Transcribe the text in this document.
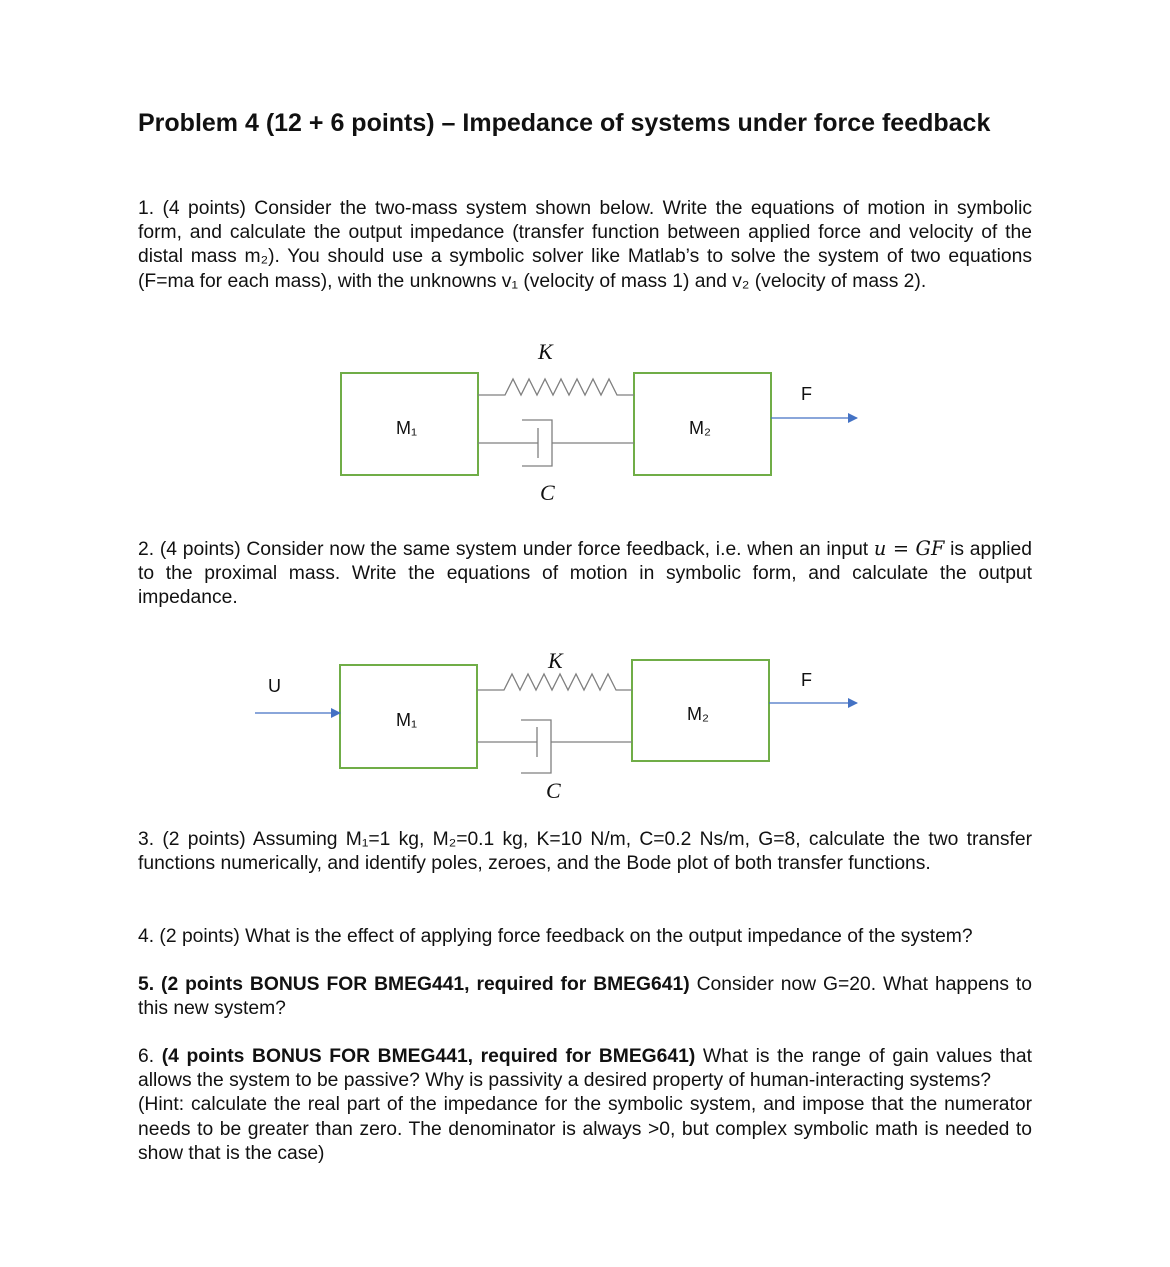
Problem 4 (12 + 6 points) – Impedance of systems under force feedback

1. (4 points) Consider the two-mass system shown below. Write the equations of motion in symbolic form, and calculate the output impedance (transfer function between applied force and velocity of the distal mass m₂). You should use a symbolic solver like Matlab’s to solve the system of two equations (F=ma for each mass), with the unknowns v₁ (velocity of mass 1) and v₂ (velocity of mass 2).

M₁	M₂
K
C
F
M₁	M₂
K
C
U	F

2. (4 points) Consider now the same system under force feedback, i.e. when an input u = GF is applied to the proximal mass. Write the equations of motion in symbolic form, and calculate the output impedance.

3. (2 points) Assuming M₁=1 kg, M₂=0.1 kg, K=10 N/m, C=0.2 Ns/m, G=8, calculate the two transfer functions numerically, and identify poles, zeroes, and the Bode plot of both transfer functions.

4. (2 points) What is the effect of applying force feedback on the output impedance of the system?

5. (2 points BONUS FOR BMEG441, required for BMEG641) Consider now G=20. What happens to this new system?

6. (4 points BONUS FOR BMEG441, required for BMEG641) What is the range of gain values that allows the system to be passive? Why is passivity a desired property of human-interacting systems?
(Hint: calculate the real part of the impedance for the symbolic system, and impose that the numerator needs to be greater than zero. The denominator is always >0, but complex symbolic math is needed to show that is the case)
